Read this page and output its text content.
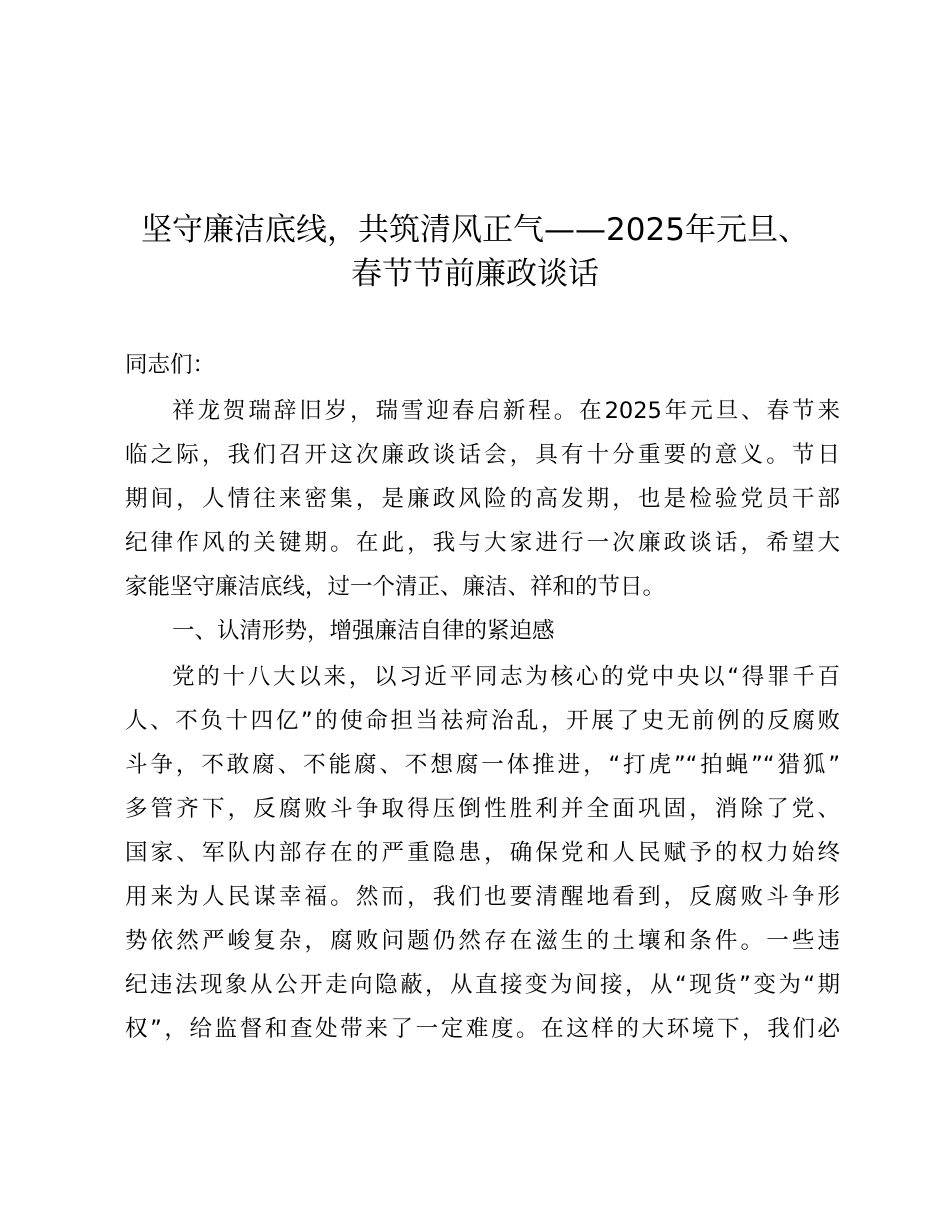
坚守廉洁底线，共筑清风正气——2025年元旦、
春节节前廉政谈话
同志们：
祥龙贺瑞辞旧岁，瑞雪迎春启新程。在2025年元旦、春节来
临之际，我们召开这次廉政谈话会，具有十分重要的意义。节日
期间，人情往来密集，是廉政风险的高发期，也是检验党员干部
纪律作风的关键期。在此，我与大家进行一次廉政谈话，希望大
家能坚守廉洁底线，过一个清正、廉洁、祥和的节日。
一、认清形势，增强廉洁自律的紧迫感
党的十八大以来，以习近平同志为核心的党中央以“得罪千百
人、不负十四亿”的使命担当祛疴治乱，开展了史无前例的反腐败
斗争，不敢腐、不能腐、不想腐一体推进，“打虎”“拍蝇”“猎狐”
多管齐下，反腐败斗争取得压倒性胜利并全面巩固，消除了党、
国家、军队内部存在的严重隐患，确保党和人民赋予的权力始终
用来为人民谋幸福。然而，我们也要清醒地看到，反腐败斗争形
势依然严峻复杂，腐败问题仍然存在滋生的土壤和条件。一些违
纪违法现象从公开走向隐蔽，从直接变为间接，从“现货”变为“期
权”，给监督和查处带来了一定难度。在这样的大环境下，我们必
